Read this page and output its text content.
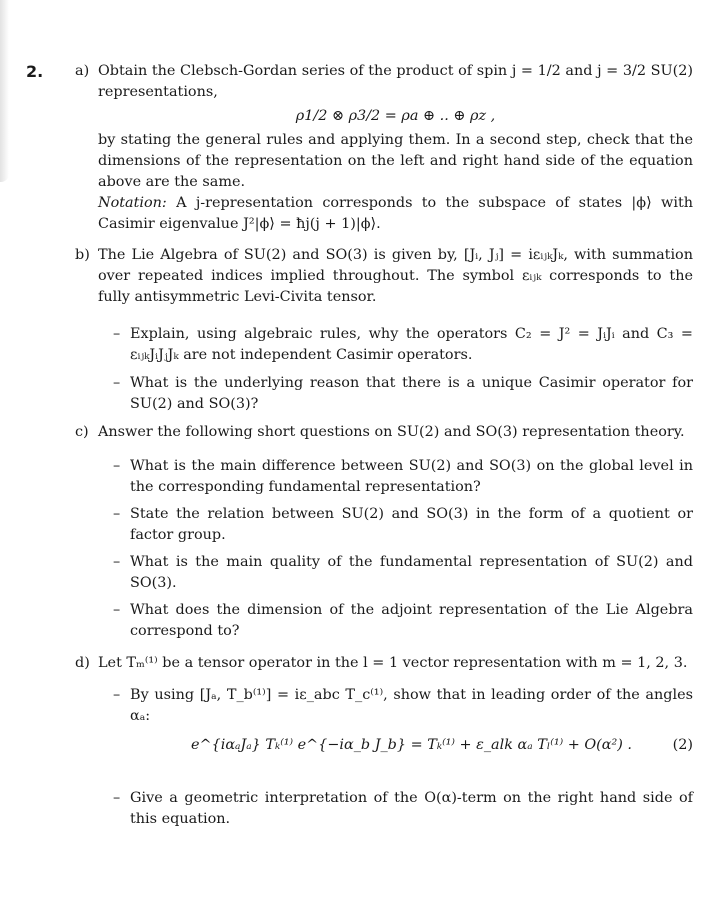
2. a) Obtain the Clebsch-Gordan series of the product of spin j = 1/2 and j = 3/2 SU(2) representations,
ρ1/2 ⊗ ρ3/2 = ρa ⊕ .. ⊕ ρz ,
by stating the general rules and applying them. In a second step, check that the dimensions of the representation on the left and right hand side of the equation above are the same.
Notation: A j-representation corresponds to the subspace of states |ϕ⟩ with Casimir eigenvalue J²|ϕ⟩ = ħj(j + 1)|ϕ⟩.
b) The Lie Algebra of SU(2) and SO(3) is given by, [Jᵢ, Jⱼ] = iεᵢⱼₖJₖ, with summation over repeated indices implied throughout. The symbol εᵢⱼₖ corresponds to the fully antisymmetric Levi-Civita tensor.
– Explain, using algebraic rules, why the operators C₂ = J² = JᵢJᵢ and C₃ = εᵢⱼₖJᵢJⱼJₖ are not independent Casimir operators.
– What is the underlying reason that there is a unique Casimir operator for SU(2) and SO(3)?
c) Answer the following short questions on SU(2) and SO(3) representation theory.
– What is the main difference between SU(2) and SO(3) on the global level in the corresponding fundamental representation?
– State the relation between SU(2) and SO(3) in the form of a quotient or factor group.
– What is the main quality of the fundamental representation of SU(2) and SO(3).
– What does the dimension of the adjoint representation of the Lie Algebra correspond to?
d) Let Tₘ⁽¹⁾ be a tensor operator in the l = 1 vector representation with m = 1, 2, 3.
– By using [Jₐ, T_b⁽¹⁾] = iε_abc T_c⁽¹⁾, show that in leading order of the angles αₐ:
e^{iαₐJₐ} Tₖ⁽¹⁾ e^{−iα_b J_b} = Tₖ⁽¹⁾ + ε_alk αₐ Tₗ⁽¹⁾ + O(α²) .	(2)
– Give a geometric interpretation of the O(α)-term on the right hand side of this equation.
